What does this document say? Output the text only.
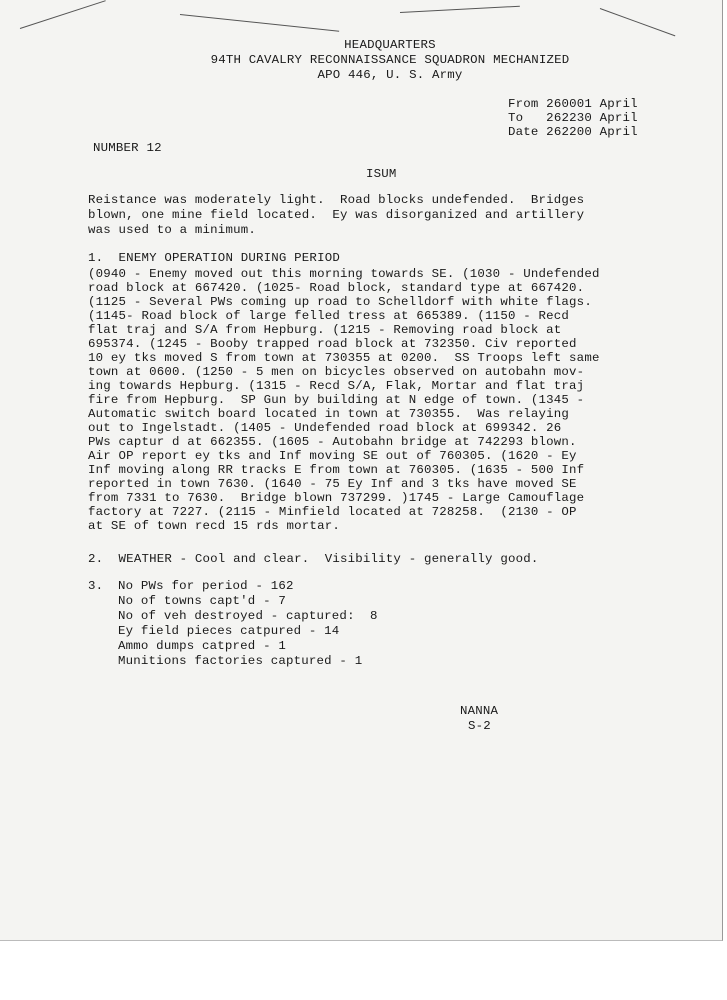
HEADQUARTERS
94TH CAVALRY RECONNAISSANCE SQUADRON MECHANIZED
APO 446, U. S. Army
From 260001 April
To   262230 April
Date 262200 April
NUMBER 12
ISUM
Reistance was moderately light.  Road blocks undefended.  Bridges
blown, one mine field located.  Ey was disorganized and artillery
was used to a minimum.
1.  ENEMY OPERATION DURING PERIOD
(0940 - Enemy moved out this morning towards SE. (1030 - Undefended
road block at 667420. (1025- Road block, standard type at 667420.
(1125 - Several PWs coming up road to Schelldorf with white flags.
(1145- Road block of large felled tress at 665389. (1150 - Recd
flat traj and S/A from Hepburg. (1215 - Removing road block at
695374. (1245 - Booby trapped road block at 732350. Civ reported
10 ey tks moved S from town at 730355 at 0200.  SS Troops left same
town at 0600. (1250 - 5 men on bicycles observed on autobahn mov-
ing towards Hepburg. (1315 - Recd S/A, Flak, Mortar and flat traj
fire from Hepburg.  SP Gun by building at N edge of town. (1345 -
Automatic switch board located in town at 730355.  Was relaying
out to Ingelstadt. (1405 - Undefended road block at 699342. 26
PWs captur d at 662355. (1605 - Autobahn bridge at 742293 blown.
Air OP report ey tks and Inf moving SE out of 760305. (1620 - Ey
Inf moving along RR tracks E from town at 760305. (1635 - 500 Inf
reported in town 7630. (1640 - 75 Ey Inf and 3 tks have moved SE
from 7331 to 7630.  Bridge blown 737299. )1745 - Large Camouflage
factory at 7227. (2115 - Minfield located at 728258.  (2130 - OP
at SE of town recd 15 rds mortar.
2.  WEATHER - Cool and clear.  Visibility - generally good.
3. No PWs for period - 162
No of towns capt'd - 7
No of veh destroyed - captured:  8
Ey field pieces catpured - 14
Ammo dumps catpred - 1
Munitions factories captured - 1
NANNA
S-2
